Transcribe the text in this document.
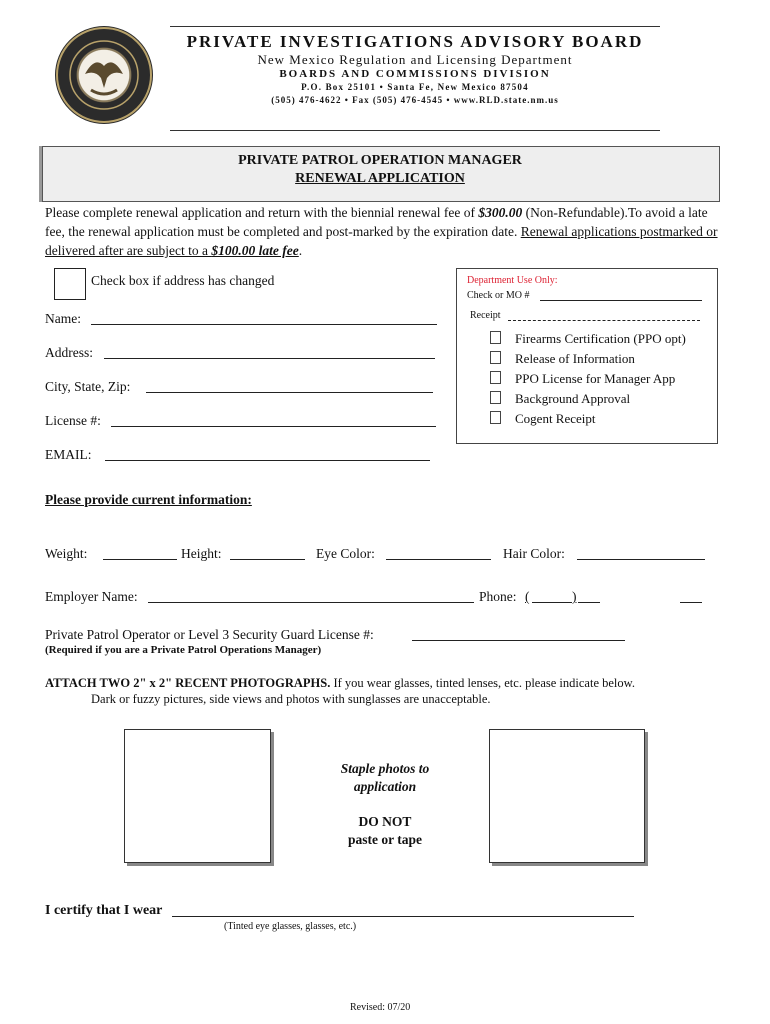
PRIVATE INVESTIGATIONS ADVISORY BOARD
New Mexico Regulation and Licensing Department
BOARDS AND COMMISSIONS DIVISION
P.O. Box 25101 • Santa Fe, New Mexico 87504
(505) 476-4622 • Fax (505) 476-4545 • www.RLD.state.nm.us
PRIVATE PATROL OPERATION MANAGER
RENEWAL APPLICATION
Please complete renewal application and return with the biennial renewal fee of $300.00 (Non-Refundable).To avoid a late fee, the renewal application must be completed and post-marked by the expiration date. Renewal applications postmarked or delivered after are subject to a $100.00 late fee.
Check box if address has changed
Name:
Address:
City, State, Zip:
License #:
EMAIL:
Department Use Only:
Check or MO #
Receipt
Firearms Certification (PPO opt)
Release of Information
PPO License for Manager App
Background Approval
Cogent Receipt
Please provide current information:
Weight:	Height:	Eye Color:	Hair Color:
Employer Name:	Phone: (	)
Private Patrol Operator or Level 3 Security Guard License #:
(Required if you are a Private Patrol Operations Manager)
ATTACH TWO 2" x 2" RECENT PHOTOGRAPHS. If you wear glasses, tinted lenses, etc. please indicate below.
Dark or fuzzy pictures, side views and photos with sunglasses are unacceptable.
Staple photos to
application
DO NOT
paste or tape
I certify that I wear
(Tinted eye glasses, glasses, etc.)
Revised: 07/20
